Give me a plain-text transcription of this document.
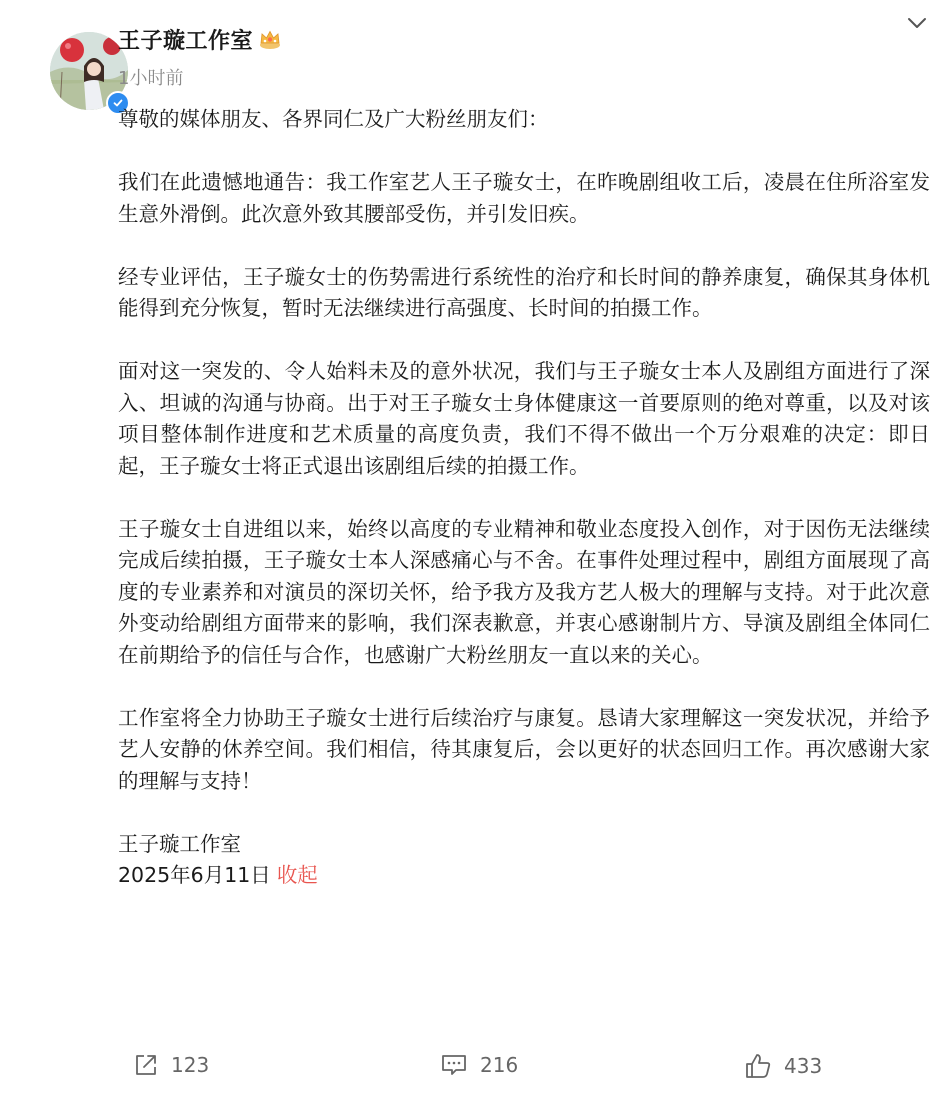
王子璇工作室
1小时前

尊敬的媒体朋友、各界同仁及广大粉丝朋友们：

我们在此遗憾地通告：我工作室艺人王子璇女士，在昨晚剧组收工后，凌晨在住所浴室发生意外滑倒。此次意外致其腰部受伤，并引发旧疾。

经专业评估，王子璇女士的伤势需进行系统性的治疗和长时间的静养康复，确保其身体机能得到充分恢复，暂时无法继续进行高强度、长时间的拍摄工作。

面对这一突发的、令人始料未及的意外状况，我们与王子璇女士本人及剧组方面进行了深入、坦诚的沟通与协商。出于对王子璇女士身体健康这一首要原则的绝对尊重，以及对该项目整体制作进度和艺术质量的高度负责，我们不得不做出一个万分艰难的决定：即日起，王子璇女士将正式退出该剧组后续的拍摄工作。

王子璇女士自进组以来，始终以高度的专业精神和敬业态度投入创作，对于因伤无法继续完成后续拍摄，王子璇女士本人深感痛心与不舍。在事件处理过程中，剧组方面展现了高度的专业素养和对演员的深切关怀，给予我方及我方艺人极大的理解与支持。对于此次意外变动给剧组方面带来的影响，我们深表歉意，并衷心感谢制片方、导演及剧组全体同仁在前期给予的信任与合作，也感谢广大粉丝朋友一直以来的关心。

工作室将全力协助王子璇女士进行后续治疗与康复。恳请大家理解这一突发状况，并给予艺人安静的休养空间。我们相信，待其康复后，会以更好的状态回归工作。再次感谢大家的理解与支持！

王子璇工作室

2025年6月11日 收起

123	216	433
